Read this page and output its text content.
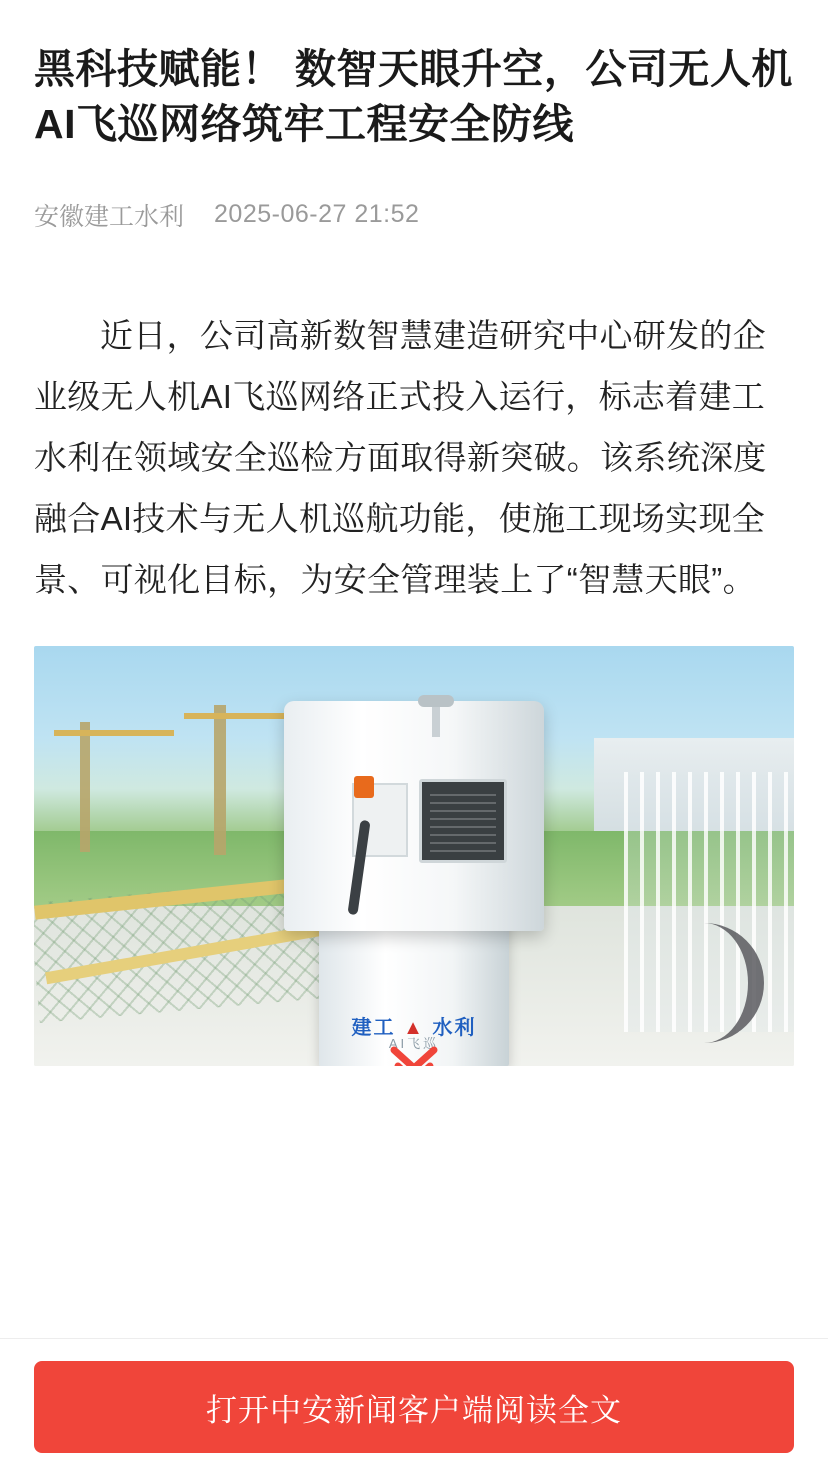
黑科技赋能！ 数智天眼升空，公司无人机AI飞巡网络筑牢工程安全防线
安徽建工水利 2025-06-27 21:52

近日，公司高新数智慧建造研究中心研发的企业级无人机AI飞巡网络正式投入运行，标志着建工水利在领域安全巡检方面取得新突破。该系统深度融合AI技术与无人机巡航功能，使施工现场实现全景、可视化目标，为安全管理装上了“智慧天眼”。

建工 ▲ 水利
AI飞巡
打开中安新闻客户端阅读全文
